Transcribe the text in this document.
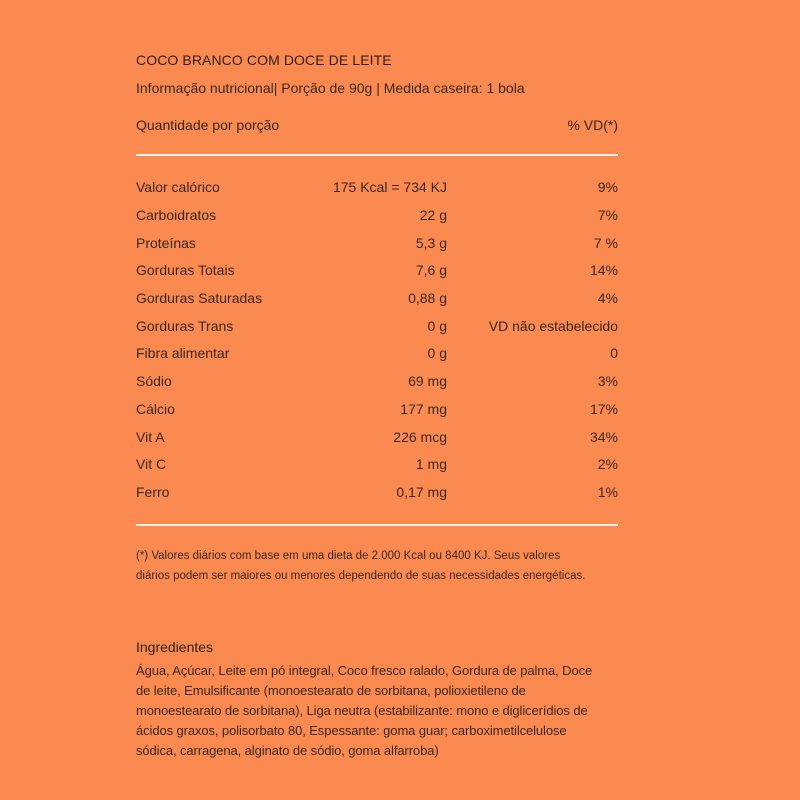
COCO BRANCO COM DOCE DE LEITE
Informação nutricional| Porção de 90g | Medida caseira: 1 bola
Quantidade por porção	% VD(*)
Valor calórico	175 Kcal = 734 KJ	9%
Carboidratos	22 g	7%
Proteínas	5,3 g	7 %
Gorduras Totais	7,6 g	14%
Gorduras Saturadas	0,88 g	4%
Gorduras Trans	0 g	VD não estabelecido
Fibra alimentar	0 g	0
Sódio	69 mg	3%
Cálcio	177 mg	17%
Vit A	226 mcg	34%
Vit C	1 mg	2%
Ferro	0,17 mg	1%
(*) Valores diários com base em uma dieta de 2.000 Kcal ou 8400 KJ. Seus valores
diários podem ser maiores ou menores dependendo de suas necessidades energéticas.
Ingredientes
Água, Açúcar, Leite em pó integral, Coco fresco ralado, Gordura de palma, Doce
de leite, Emulsificante (monoestearato de sorbitana, polioxietileno de
monoestearato de sorbitana), Liga neutra (estabilizante: mono e diglicerídios de
ácidos graxos, polisorbato 80, Espessante: goma guar; carboximetilcelulose
sódica, carragena, alginato de sódio, goma alfarroba)
